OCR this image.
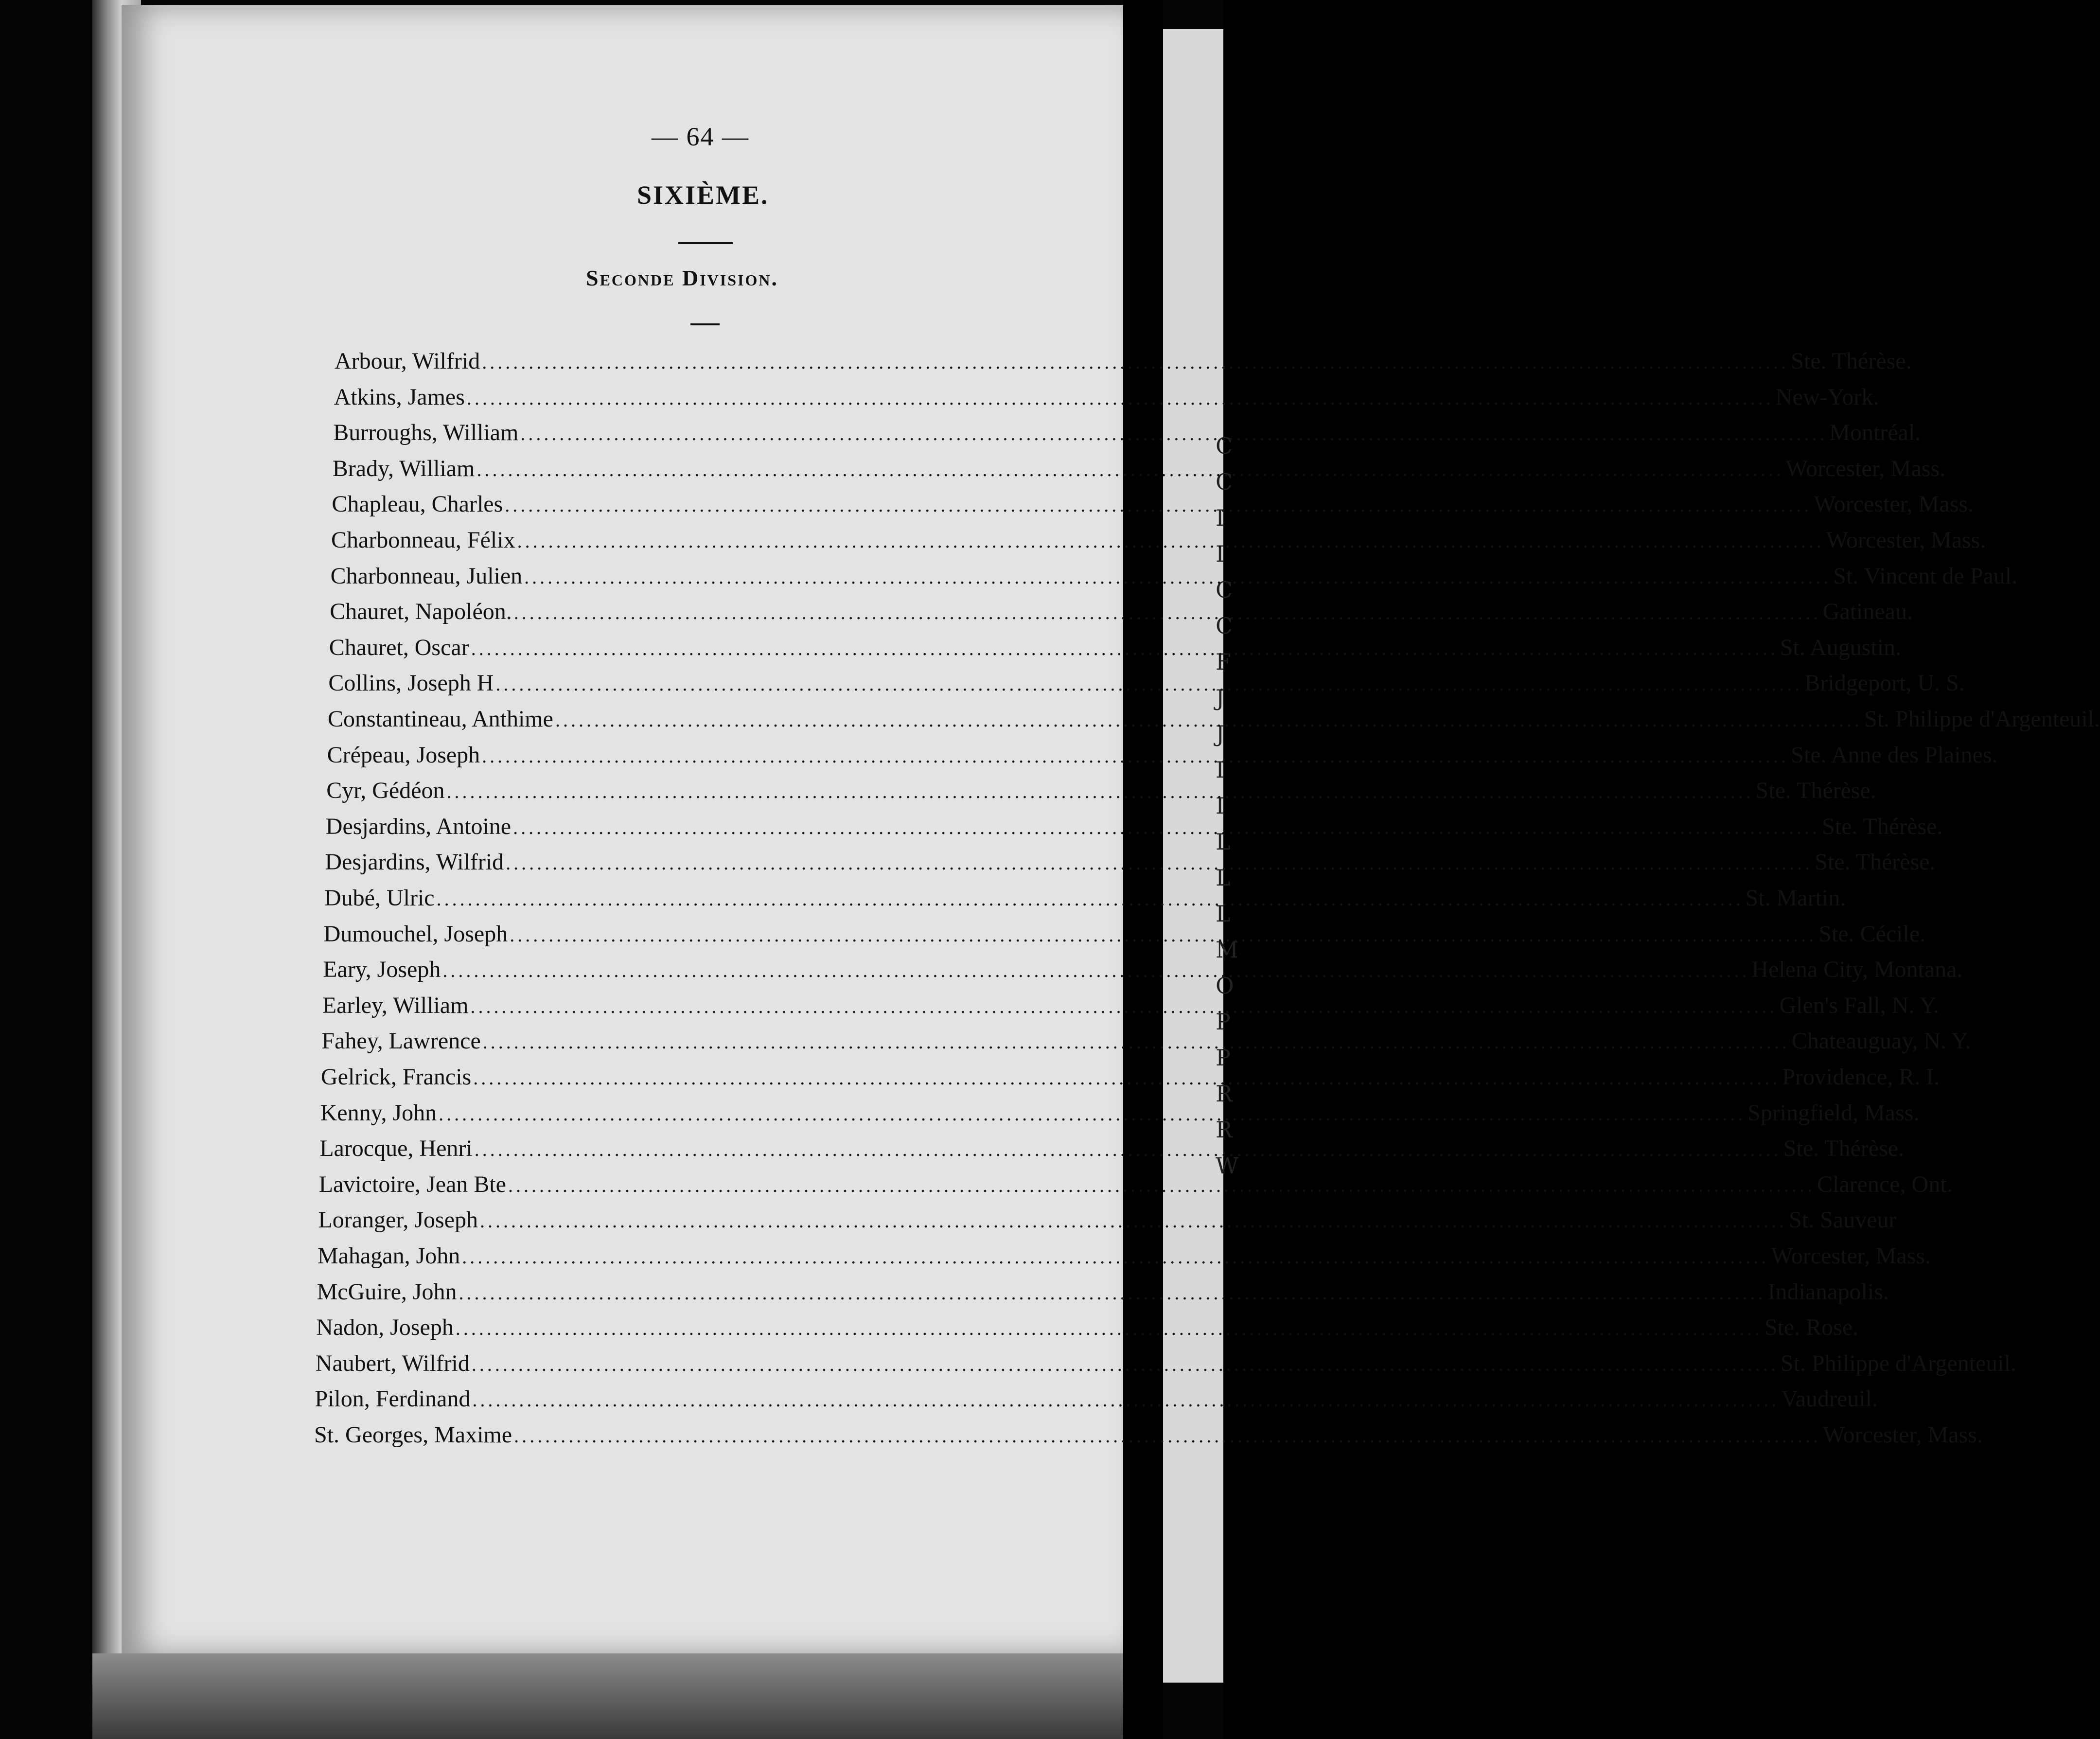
C
C
I
I
C
C
F
J
J
I
I
L
L
L
M
O
P
P
R
R
W
— 64 —
SIXIÈME.
Seconde Division.
Arbour, Wilfrid .....	Ste. Thérèse.
Atkins, James .....	New-York.
Burroughs, William .....	Montréal.
Brady, William .....	Worcester, Mass.
Chapleau, Charles .....	Worcester, Mass.
Charbonneau, Félix .....	Worcester, Mass.
Charbonneau, Julien .....	St. Vincent de Paul.
Chauret, Napoléon. .....	Gatineau.
Chauret, Oscar .....	St. Augustin.
Collins, Joseph H .....	Bridgeport, U. S.
Constantineau, Anthime .....	St. Philippe d'Argenteuil.
Crépeau, Joseph .....	Ste. Anne des Plaines.
Cyr, Gédéon .....	Ste. Thérèse.
Desjardins, Antoine .....	Ste. Thérèse.
Desjardins, Wilfrid .....	Ste. Thérèse.
Dubé, Ulric .....	St. Martin.
Dumouchel, Joseph .....	Ste. Cécile.
Eary, Joseph .....	Helena City, Montana.
Earley, William .....	Glen's Fall, N. Y.
Fahey, Lawrence .....	Chateauguay, N. Y.
Gelrick, Francis .....	Providence, R. I.
Kenny, John .....	Springfield, Mass.
Larocque, Henri .....	Ste. Thérèse.
Lavictoire, Jean Bte .....	Clarence, Ont.
Loranger, Joseph .....	St. Sauveur
Mahagan, John .....	Worcester, Mass.
McGuire, John .....	Indianapolis.
Nadon, Joseph .....	Ste. Rose.
Naubert, Wilfrid .....	St. Philippe d'Argenteuil.
Pilon, Ferdinand .....	Vaudreuil.
St. Georges, Maxime .....	Worcester, Mass.
